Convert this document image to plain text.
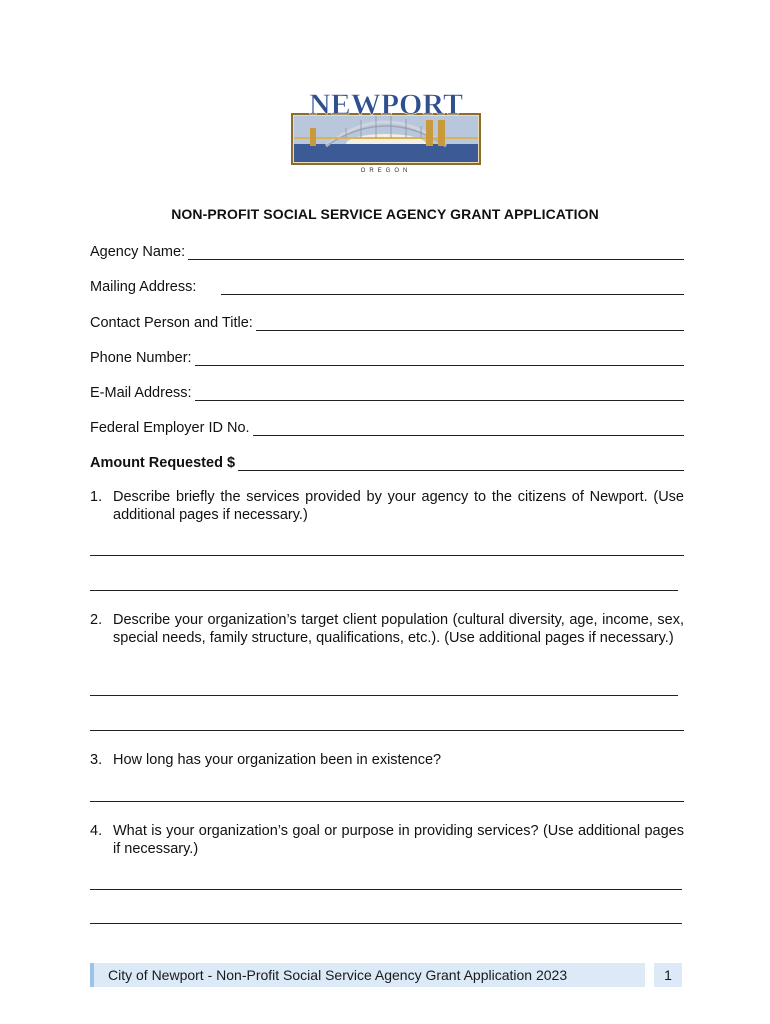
NEWPORT
OREGON
NON-PROFIT SOCIAL SERVICE AGENCY GRANT APPLICATION
Agency Name:
Mailing Address:
Contact Person and Title:
Phone Number:
E-Mail Address:
Federal Employer ID No.
Amount Requested $
1. Describe briefly the services provided by your agency to the citizens of Newport. (Use additional pages if necessary.)
2. Describe your organization’s target client population (cultural diversity, age, income, sex, special needs, family structure, qualifications, etc.). (Use additional pages if necessary.)
3. How long has your organization been in existence?
4. What is your organization’s goal or purpose in providing services? (Use additional pages if necessary.)
City of Newport - Non-Profit Social Service Agency Grant Application 2023	1
